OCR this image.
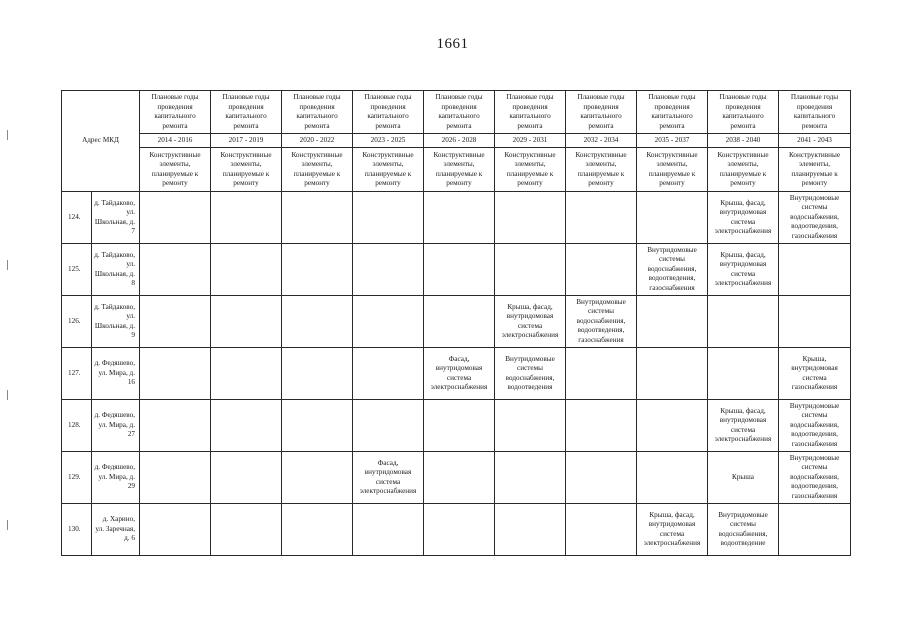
1661
Адрес МКД		Плановые годы проведения капитального ремонта	Плановые годы проведения капитального ремонта	Плановые годы проведения капитального ремонта	Плановые годы проведения капитального ремонта	Плановые годы проведения капитального ремонта	Плановые годы проведения капитального ремонта	Плановые годы проведения капитального ремонта	Плановые годы проведения капитального ремонта	Плановые годы проведения капитального ремонта	Плановые годы проведения капитального ремонта
		2014 - 2016	2017 - 2019	2020 - 2022	2023 - 2025	2026 - 2028	2029 - 2031	2032 - 2034	2035 - 2037	2038 - 2040	2041 - 2043
		Конструктивные элементы, планируемые к ремонту	Конструктивные элементы, планируемые к ремонту	Конструктивные элементы, планируемые к ремонту	Конструктивные элементы, планируемые к ремонту	Конструктивные элементы, планируемые к ремонту	Конструктивные элементы, планируемые к ремонту	Конструктивные элементы, планируемые к ремонту	Конструктивные элементы, планируемые к ремонту	Конструктивные элементы, планируемые к ремонту	Конструктивные элементы, планируемые к ремонту
124.	д. Тайдаково, ул. Школьная, д. 7									Крыша, фасад, внутридомовая система электроснабжения	Внутридомовые системы водоснабжения, водоотведения, газоснабжения
125.	д. Тайдаково, ул. Школьная, д. 8								Внутридомовые системы водоснабжения, водоотведения, газоснабжения	Крыша, фасад, внутридомовая система электроснабжения	
126.	д. Тайдаково, ул. Школьная, д. 9						Крыша, фасад, внутридомовая система электроснабжения	Внутридомовые системы водоснабжения, водоотведения, газоснабжения			
127.	д. Федяшево, ул. Мира, д. 16					Фасад, внутридомовая система электроснабжения	Внутридомовые системы водоснабжения, водоотведения				Крыша, внутридомовая система газоснабжения
128.	д. Федяшево, ул. Мира, д. 27									Крыша, фасад, внутридомовая система электроснабжения	Внутридомовые системы водоснабжения, водоотведения, газоснабжения
129.	д. Федяшево, ул. Мира, д. 29				Фасад, внутридомовая система электроснабжения					Крыша	Внутридомовые системы водоснабжения, водоотведения, газоснабжения
130.	д. Харино, ул. Заречная, д. 6								Крыша, фасад, внутридомовая система электроснабжения	Внутридомовые системы водоснабжения, водоотведение	
